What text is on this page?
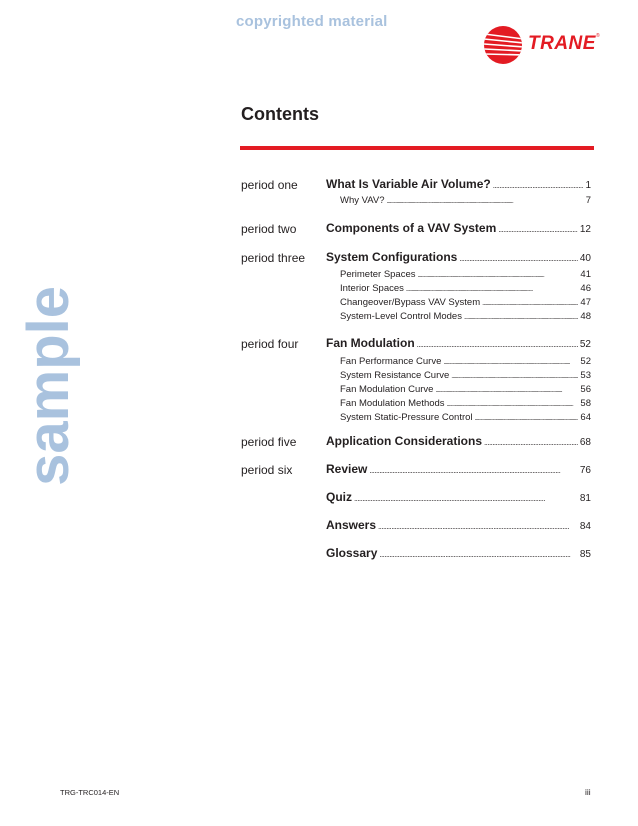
copyrighted material
sample
TRANE®
Contents
period one What Is Variable Air Volume? . . .	1
Why VAV? . . .	7
period two Components of a VAV System . . .	12
period three System Configurations . . .	40
Perimeter Spaces . . .	41
Interior Spaces . . .	46
Changeover/Bypass VAV System . . .	47
System-Level Control Modes . . .	48
period four Fan Modulation . . .	52
Fan Performance Curve . . .	52
System Resistance Curve . . .	53
Fan Modulation Curve . . .	56
Fan Modulation Methods . . .	58
System Static-Pressure Control . . .	64
period five Application Considerations . . .	68
period six	Review . . .	76
Quiz . . .	81
Answers . . .	84
Glossary . . .	85
TRG-TRC014-EN	iii
